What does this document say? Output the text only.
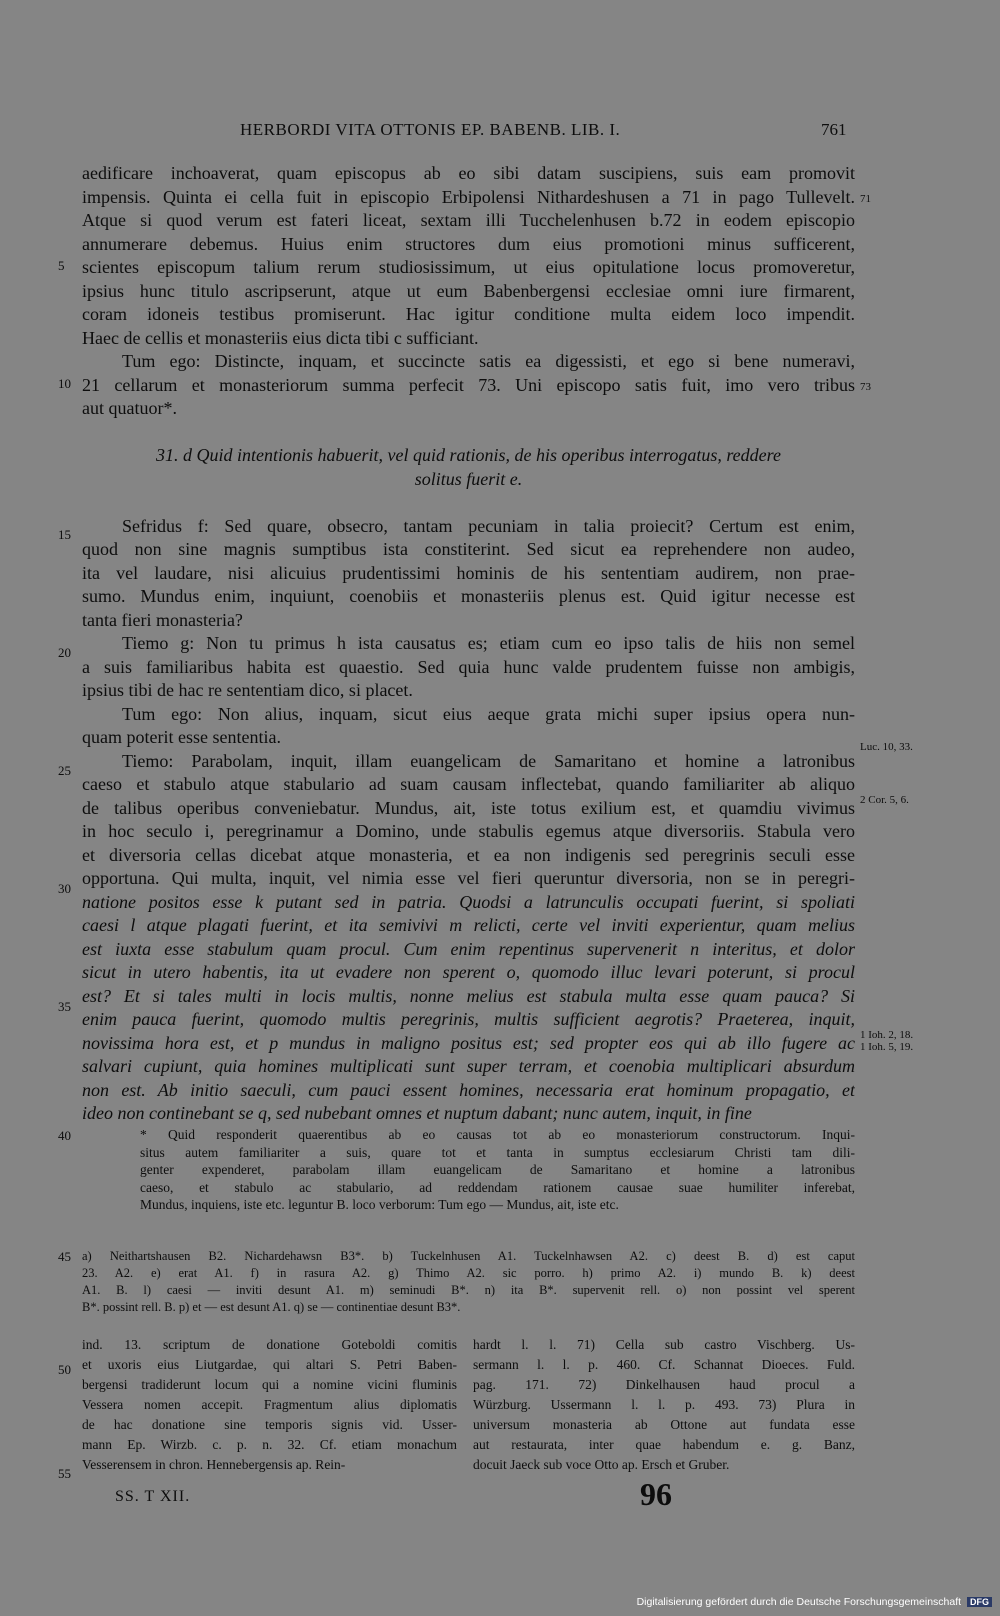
HERBORDI VITA OTTONIS EP. BABENB. LIB. I.	761
aedificare inchoaverat, quam episcopus ab eo sibi datam suscipiens, suis eam promovit
impensis. Quinta ei cella fuit in episcopio Erbipolensi Nithardeshusen a 71 in pago Tullevelt.
Atque si quod verum est fateri liceat, sextam illi Tucchelenhusen b.72 in eodem episcopio
annumerare debemus. Huius enim structores dum eius promotioni minus sufficerent,
scientes episcopum talium rerum studiosissimum, ut eius opitulatione locus promoveretur,
ipsius hunc titulo ascripserunt, atque ut eum Babenbergensi ecclesiae omni iure firmarent,
coram idoneis testibus promiserunt. Hac igitur conditione multa eidem loco impendit.
Haec de cellis et monasteriis eius dicta tibi c sufficiant.
Tum ego: Distincte, inquam, et succincte satis ea digessisti, et ego si bene numeravi,
21 cellarum et monasteriorum summa perfecit 73. Uni episcopo satis fuit, imo vero tribus
aut quatuor*.
31. d Quid intentionis habuerit, vel quid rationis, de his operibus interrogatus, reddere
solitus fuerit e.
Sefridus f: Sed quare, obsecro, tantam pecuniam in talia proiecit? Certum est enim,
quod non sine magnis sumptibus ista constiterint. Sed sicut ea reprehendere non audeo,
ita vel laudare, nisi alicuius prudentissimi hominis de his sententiam audirem, non prae-
sumo. Mundus enim, inquiunt, coenobiis et monasteriis plenus est. Quid igitur necesse est
tanta fieri monasteria?
Tiemo g: Non tu primus h ista causatus es; etiam cum eo ipso talis de hiis non semel
a suis familiaribus habita est quaestio. Sed quia hunc valde prudentem fuisse non ambigis,
ipsius tibi de hac re sententiam dico, si placet.
Tum ego: Non alius, inquam, sicut eius aeque grata michi super ipsius opera nun-
quam poterit esse sententia.
Tiemo: Parabolam, inquit, illam euangelicam de Samaritano et homine a latronibus
caeso et stabulo atque stabulario ad suam causam inflectebat, quando familiariter ab aliquo
de talibus operibus conveniebatur. Mundus, ait, iste totus exilium est, et quamdiu vivimus
in hoc seculo i, peregrinamur a Domino, unde stabulis egemus atque diversoriis. Stabula vero
et diversoria cellas dicebat atque monasteria, et ea non indigenis sed peregrinis seculi esse
opportuna. Qui multa, inquit, vel nimia esse vel fieri queruntur diversoria, non se in peregri-
natione positos esse k putant sed in patria. Quodsi a latrunculis occupati fuerint, si spoliati
caesi l atque plagati fuerint, et ita semivivi m relicti, certe vel inviti experientur, quam melius
est iuxta esse stabulum quam procul. Cum enim repentinus supervenerit n interitus, et dolor
sicut in utero habentis, ita ut evadere non sperent o, quomodo illuc levari poterunt, si procul
est? Et si tales multi in locis multis, nonne melius est stabula multa esse quam pauca? Si
enim pauca fuerint, quomodo multis peregrinis, multis sufficient aegrotis? Praeterea, inquit,
novissima hora est, et p mundus in maligno positus est; sed propter eos qui ab illo fugere ac
salvari cupiunt, quia homines multiplicati sunt super terram, et coenobia multiplicari absurdum
non est. Ab initio saeculi, cum pauci essent homines, necessaria erat hominum propagatio, et
ideo non continebant se q, sed nubebant omnes et nuptum dabant; nunc autem, inquit, in fine
5
10
15
20
25
30
35
40
45
50
55
71
73
Luc. 10, 33.
2 Cor. 5, 6.
1 Ioh. 2, 18.
1 Ioh. 5, 19.
* Quid responderit quaerentibus ab eo causas tot ab eo monasteriorum constructorum. Inqui-
situs autem familiariter a suis, quare tot et tanta in sumptus ecclesiarum Christi tam dili-
genter expenderet, parabolam illam euangelicam de Samaritano et homine a latronibus
caeso, et stabulo ac stabulario, ad reddendam rationem causae suae humiliter inferebat,
Mundus, inquiens, iste etc. leguntur B. loco verborum: Tum ego — Mundus, ait, iste etc.
a) Neithartshausen B2. Nichardehawsn B3*. b) Tuckelnhusen A1. Tuckelnhawsen A2. c) deest B. d) est caput
23. A2. e) erat A1. f) in rasura A2. g) Thimo A2. sic porro. h) primo A2. i) mundo B. k) deest
A1. B. l) caesi — inviti desunt A1. m) seminudi B*. n) ita B*. supervenit rell. o) non possint vel sperent
B*. possint rell. B. p) et — est desunt A1. q) se — continentiae desunt B3*.
ind. 13. scriptum de donatione Goteboldi comitis
et uxoris eius Liutgardae, qui altari S. Petri Baben-
bergensi tradiderunt locum qui a nomine vicini fluminis
Vessera nomen accepit. Fragmentum alius diplomatis
de hac donatione sine temporis signis vid. Usser-
mann Ep. Wirzb. c. p. n. 32. Cf. etiam monachum
Vesserensem in chron. Hennebergensis ap. Rein-
hardt l. l. 71) Cella sub castro Vischberg. Us-
sermann l. l. p. 460. Cf. Schannat Dioeces. Fuld.
pag. 171. 72) Dinkelhausen haud procul a
Würzburg. Ussermann l. l. p. 493. 73) Plura in
universum monasteria ab Ottone aut fundata esse
aut restaurata, inter quae habendum e. g. Banz,
docuit Jaeck sub voce Otto ap. Ersch et Gruber.
SS. T XII.	96
Digitalisierung gefördert durch die Deutsche Forschungsgemeinschaft DFG
